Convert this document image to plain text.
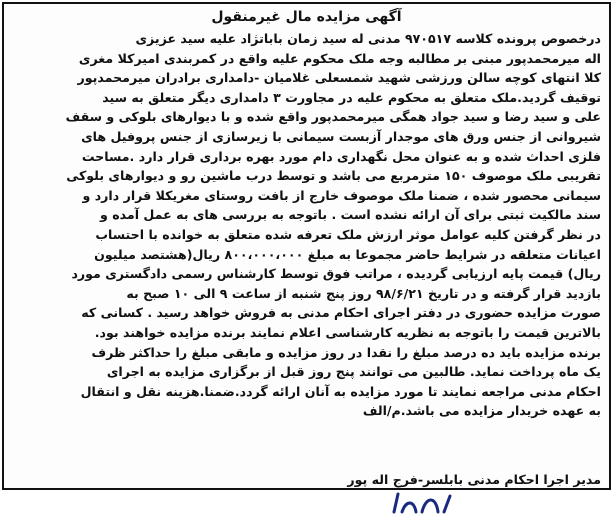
آگهی مزایده مال غیرمنقول
درخصوص پرونده کلاسه ۹۷۰۵۱۷ مدنی له سید زمان باباتژاد علیه سید عزیزی
اله میرمحمدپور مبنی بر مطالبه وجه ملک محکوم علیه واقع در کمربندی امیرکلا مغری
کلا انتهای کوچه سالن ورزشی شهید شمسعلی غلامیان -دامداری برادران میرمحمدپور
توقیف گردید.ملک متعلق به محکوم علیه در مجاورت ۳ دامداری دیگر متعلق به سید
علی و سید رضا و سید جواد همگی میرمحمدپور واقع شده و با دیوارهای بلوکی و سقف
شیروانی از جنس ورق های موجدار آزبست سیمانی با زیرسازی از جنس پروفیل های
فلزی احداث شده و به عنوان محل نگهداری دام مورد بهره برداری قرار دارد .مساحت
تقریبی ملک موصوف ۱۵۰ مترمربع می باشد و توسط درب ماشین رو و دیوارهای بلوکی
سیمانی محصور شده ، ضمنا ملک موصوف خارج از بافت روستای مغریکلا قرار دارد و
سند مالکیت ثبتی برای آن ارائه نشده است . باتوجه به بررسی های به عمل آمده و
در نظر گرفتن کلیه عوامل موثر ارزش ملک تعرفه شده متعلق به خوانده با احتساب
اعیانات متعلقه در شرایط حاضر مجموعا به مبلغ ۸۰۰،۰۰۰،۰۰۰ ریال(هشتصد میلیون
ریال) قیمت پایه ارزیابی گردیده ، مراتب فوق توسط کارشناس رسمی دادگستری مورد
بازدید قرار گرفته و در تاریخ ۹۸/۶/۲۱ روز پنج شنبه از ساعت ۹ الی ۱۰ صبح به
صورت مزایده حضوری در دفتر اجرای احکام مدنی به فروش خواهد رسید . کسانی که
بالاترین قیمت را باتوجه به نظریه کارشناسی اعلام نمایند برنده مزایده خواهند بود.
برنده مزایده باید ده درصد مبلغ را نقدا در روز مزایده و مابقی مبلغ را حداکثر ظرف
یک ماه پرداخت نماید. طالبین می توانند پنج روز قبل از برگزاری مزایده به اجرای
احکام مدنی مراجعه نمایند تا مورد مزایده به آنان ارائه گردد.ضمنا.هزینه نقل و انتقال
به عهده خریدار مزایده می باشد.م/الف
مدیر اجرا احکام مدنی بابلسر-فرج اله پور
